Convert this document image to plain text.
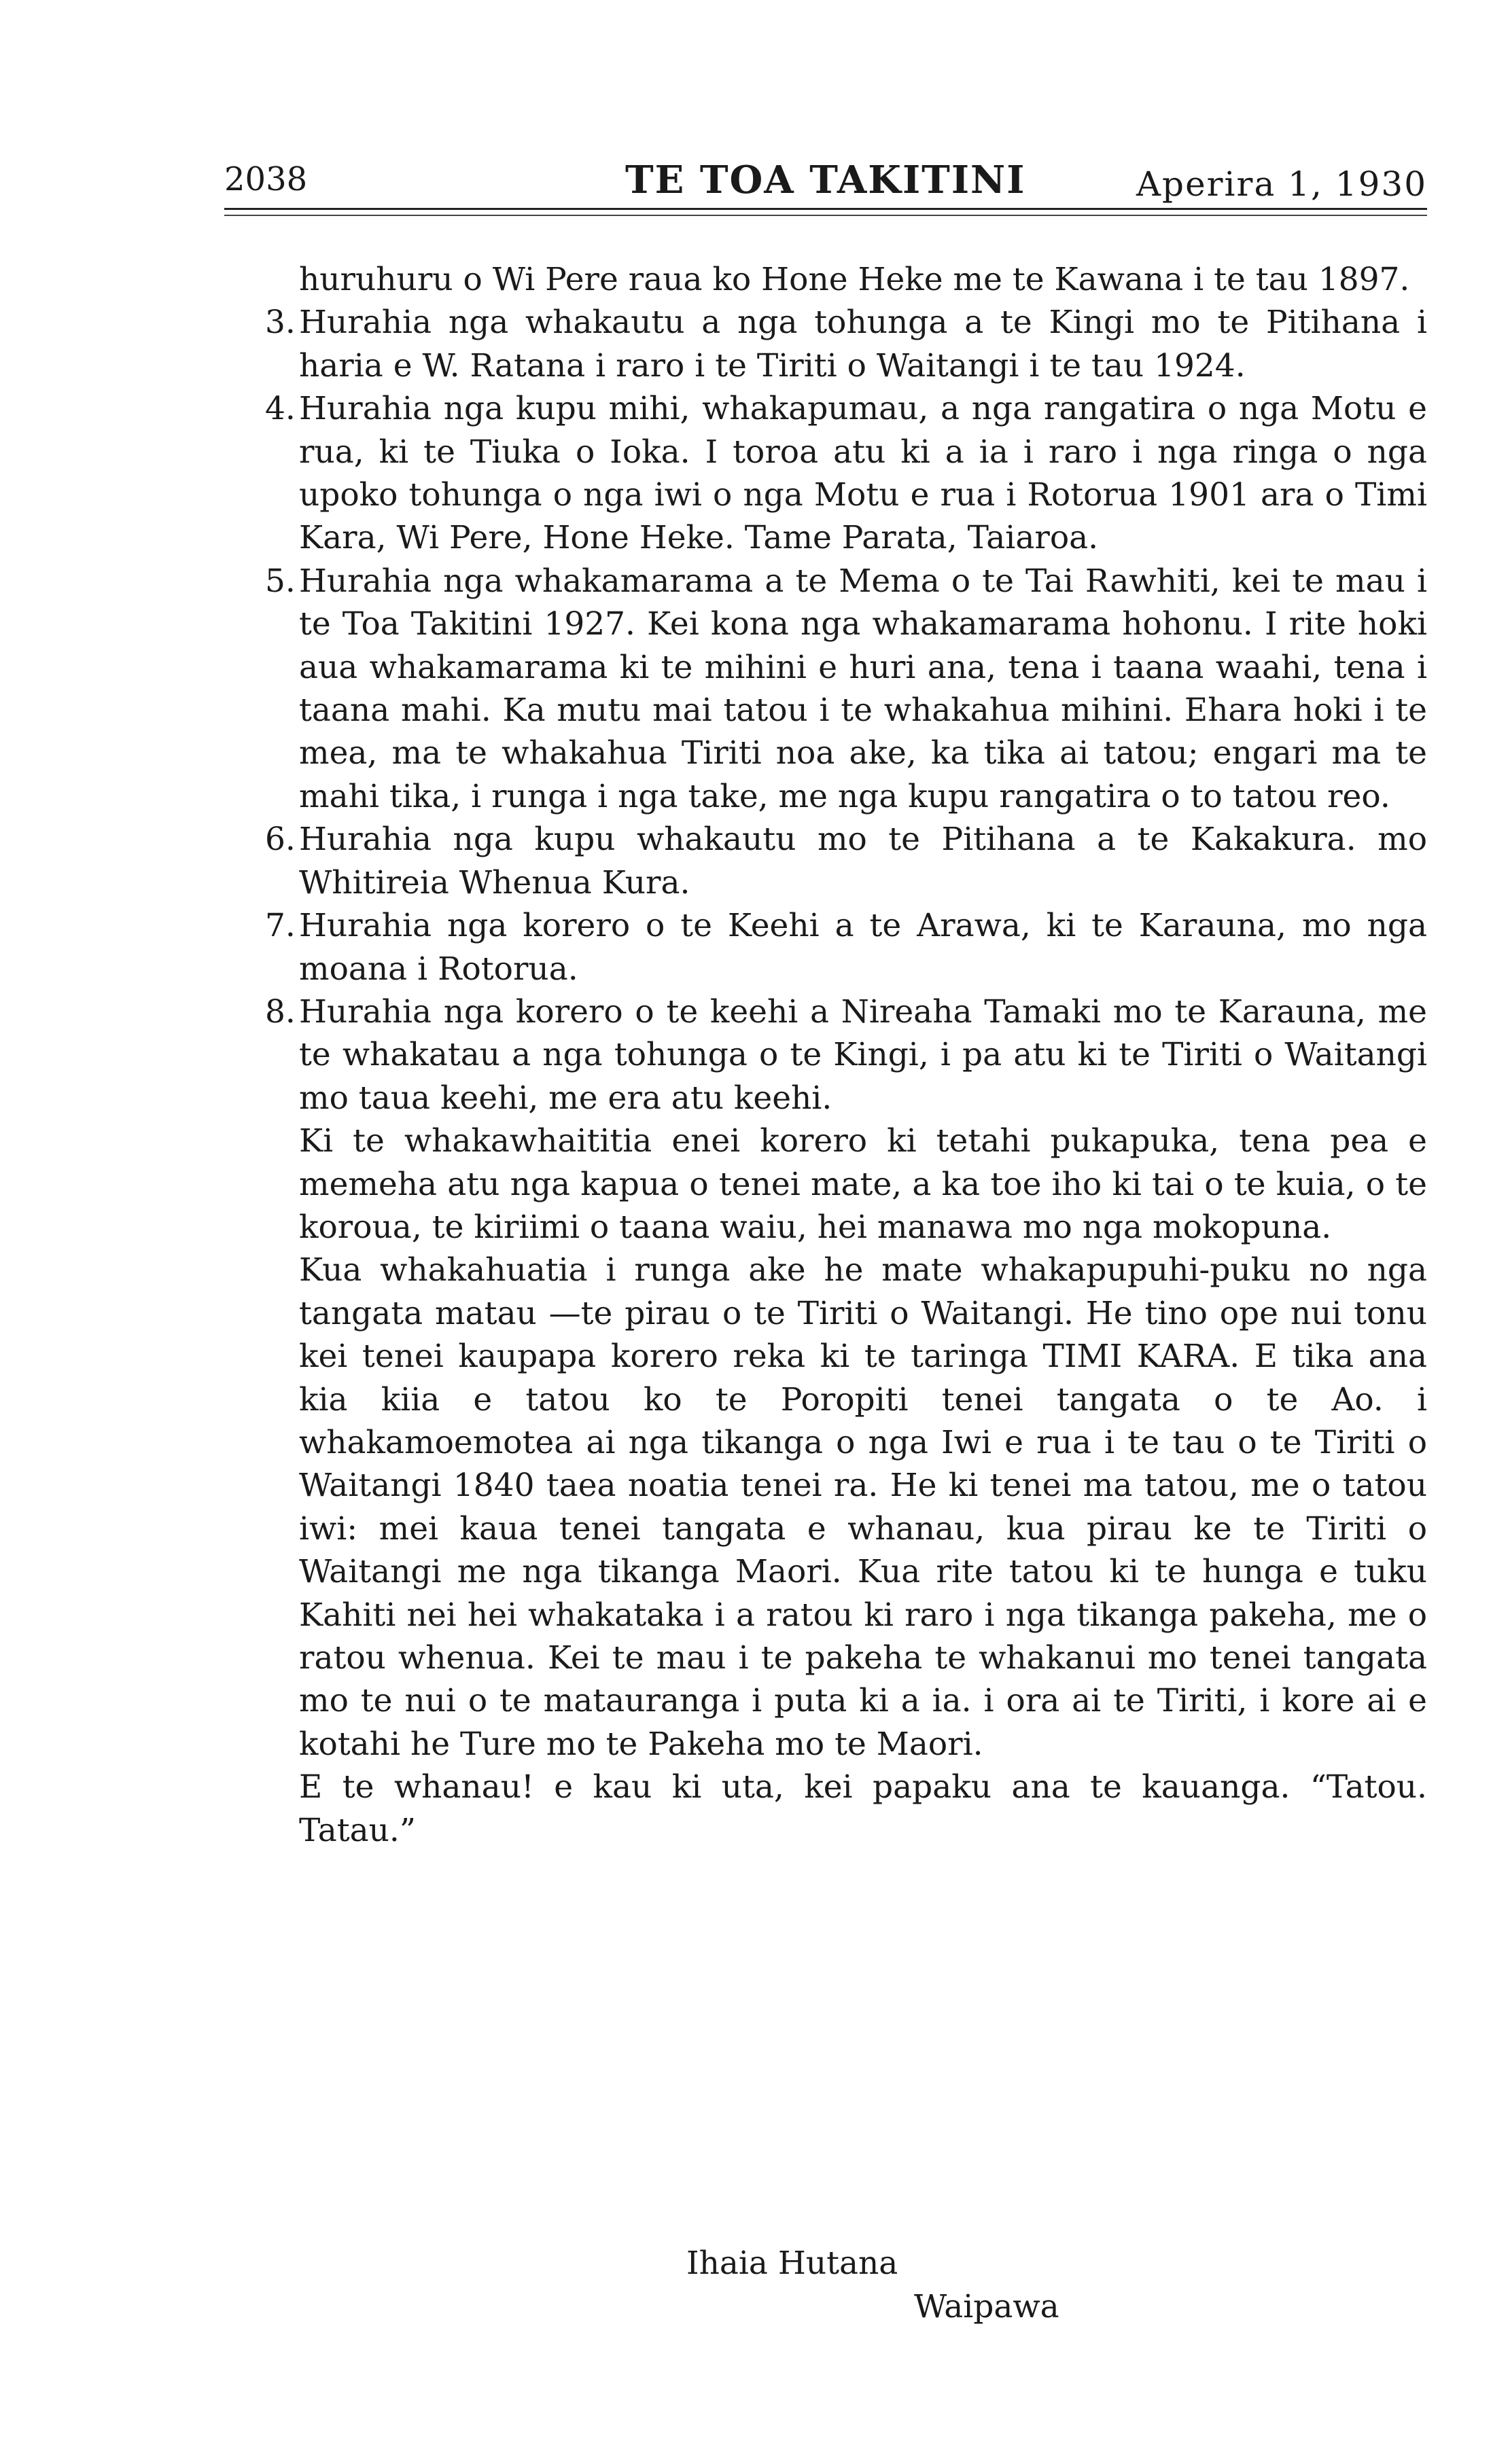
2038	TE TOA TAKITINI	Aperira 1, 1930

huruhuru o Wi Pere raua ko Hone Heke me te Kawana i te tau 1897.

3. Hurahia nga whakautu a nga tohunga a te Kingi mo te Pitihana i haria e W. Ratana i raro i te Tiriti o Waitangi i te tau 1924.

4. Hurahia nga kupu mihi, whakapumau, a nga rangatira o nga Motu e rua, ki te Tiuka o Ioka. I toroa atu ki a ia i raro i nga ringa o nga upoko tohunga o nga iwi o nga Motu e rua i Rotorua 1901 ara o Timi Kara, Wi Pere, Hone Heke. Tame Parata, Taiaroa.

5. Hurahia nga whakamarama a te Mema o te Tai Rawhiti, kei te mau i te Toa Takitini 1927. Kei kona nga whakamarama hohonu. I rite hoki aua whakamarama ki te mihini e huri ana, tena i taana waahi, tena i taana mahi. Ka mutu mai tatou i te whakahua mihini. Ehara hoki i te mea, ma te whakahua Tiriti noa ake, ka tika ai tatou; engari ma te mahi tika, i runga i nga take, me nga kupu rangatira o to tatou reo.

6. Hurahia nga kupu whakautu mo te Pitihana a te Kakakura. mo Whitireia Whenua Kura.

7. Hurahia nga korero o te Keehi a te Arawa, ki te Karauna, mo nga moana i Rotorua.

8. Hurahia nga korero o te keehi a Nireaha Tamaki mo te Karauna, me te whakatau a nga tohunga o te Kingi, i pa atu ki te Tiriti o Waitangi mo taua keehi, me era atu keehi.

Ki te whakawhaititia enei korero ki tetahi pukapuka, tena pea e memeha atu nga kapua o tenei mate, a ka toe iho ki tai o te kuia, o te koroua, te kiriimi o taana waiu, hei manawa mo nga mokopuna.

Kua whakahuatia i runga ake he mate whakapupuhi-puku no nga tangata matau —te pirau o te Tiriti o Waitangi. He tino ope nui tonu kei tenei kaupapa korero reka ki te taringa TIMI KARA. E tika ana kia kiia e tatou ko te Poropiti tenei tangata o te Ao. i whakamoemotea ai nga tikanga o nga Iwi e rua i te tau o te Tiriti o Waitangi 1840 taea noatia tenei ra. He ki tenei ma tatou, me o tatou iwi: mei kaua tenei tangata e whanau, kua pirau ke te Tiriti o Waitangi me nga tikanga Maori. Kua rite tatou ki te hunga e tuku Kahiti nei hei whakataka i a ratou ki raro i nga tikanga pakeha, me o ratou whenua. Kei te mau i te pakeha te whakanui mo tenei tangata mo te nui o te matauranga i puta ki a ia. i ora ai te Tiriti, i kore ai e kotahi he Ture mo te Pakeha mo te Maori.

E te whanau! e kau ki uta, kei papaku ana te kauanga. “Tatou. Tatau.”

Ihaia Hutana
Waipawa
